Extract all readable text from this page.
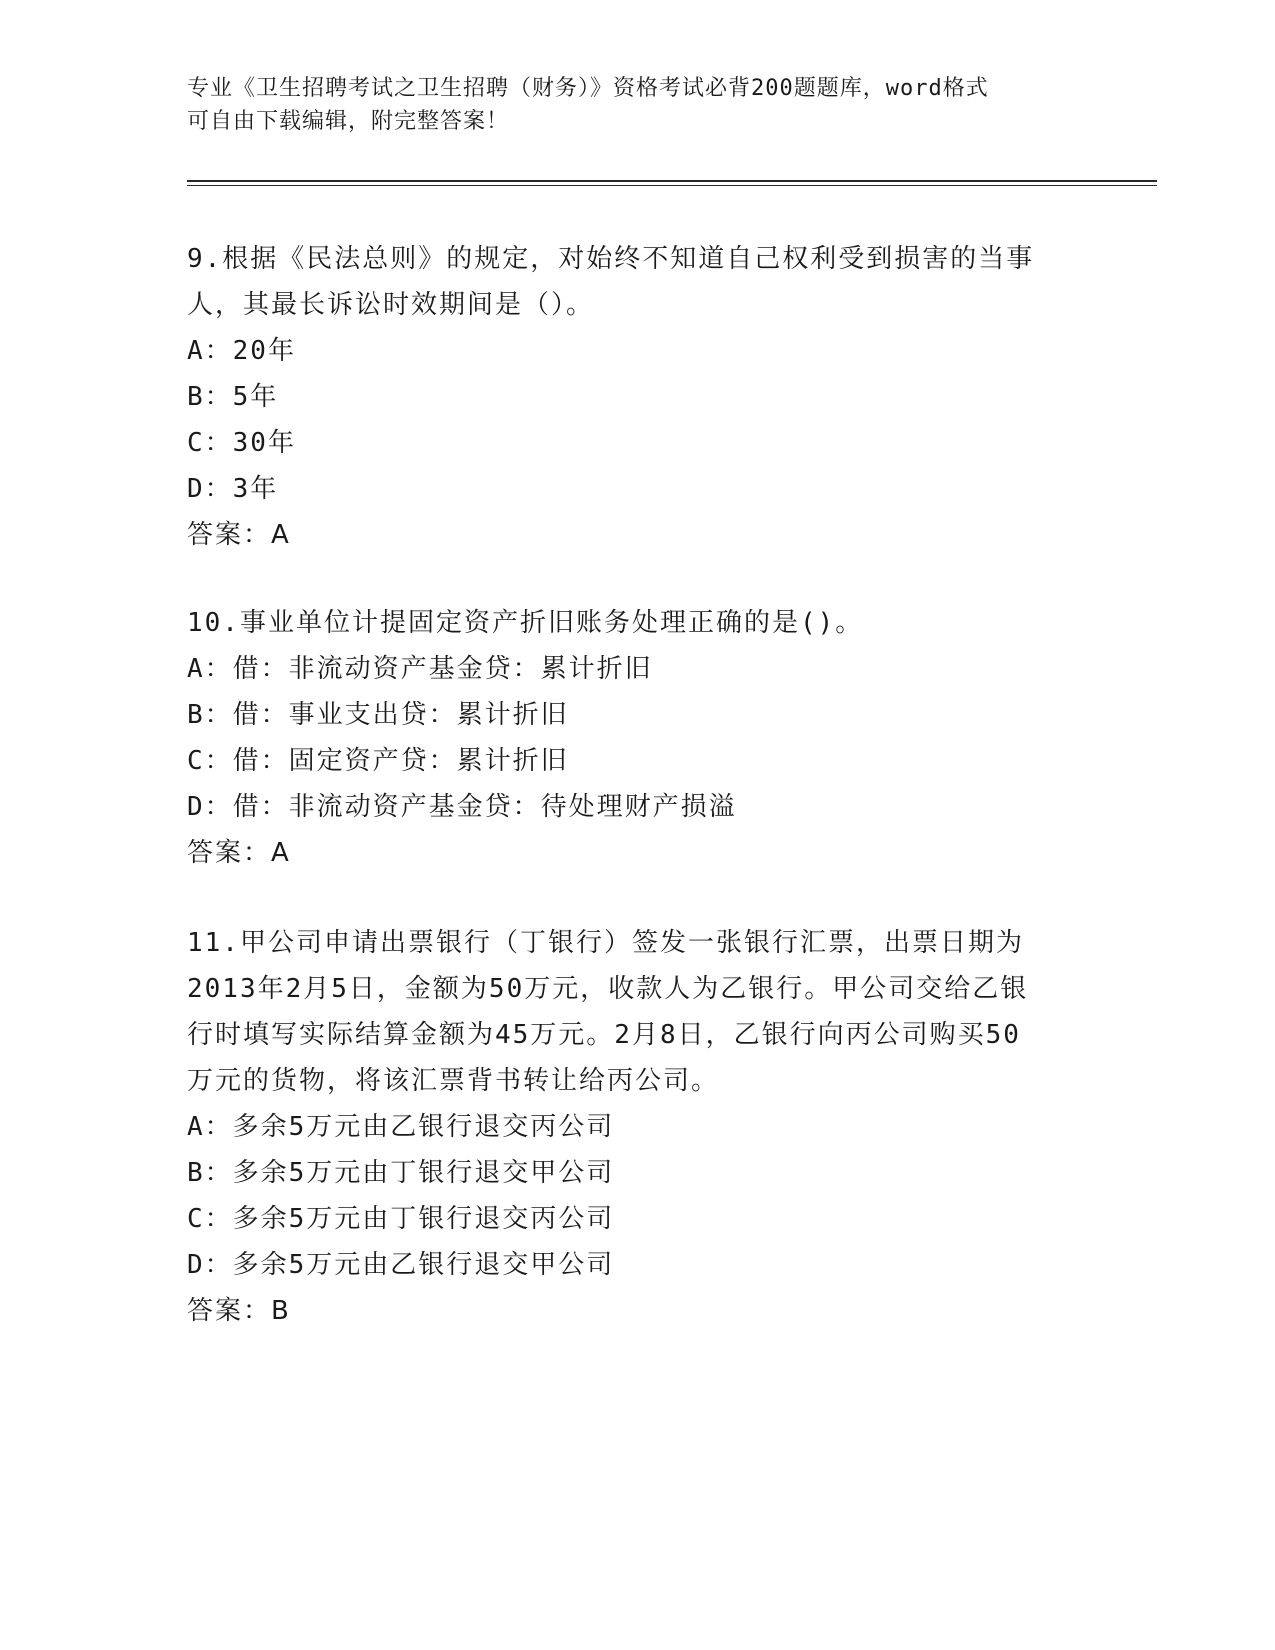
专业《卫生招聘考试之卫生招聘（财务）》资格考试必背200题题库，word格式
可自由下载编辑，附完整答案！
9.根据《民法总则》的规定，对始终不知道自己权利受到损害的当事
人，其最长诉讼时效期间是（）。
A：20年
B：5年
C：30年
D：3年
答案：A
10.事业单位计提固定资产折旧账务处理正确的是()。
A：借：非流动资产基金贷：累计折旧
B：借：事业支出贷：累计折旧
C：借：固定资产贷：累计折旧
D：借：非流动资产基金贷：待处理财产损溢
答案：A
11.甲公司申请出票银行（丁银行）签发一张银行汇票，出票日期为
2013年2月5日，金额为50万元，收款人为乙银行。甲公司交给乙银
行时填写实际结算金额为45万元。2月8日，乙银行向丙公司购买50
万元的货物，将该汇票背书转让给丙公司。
A：多余5万元由乙银行退交丙公司
B：多余5万元由丁银行退交甲公司
C：多余5万元由丁银行退交丙公司
D：多余5万元由乙银行退交甲公司
答案：B
